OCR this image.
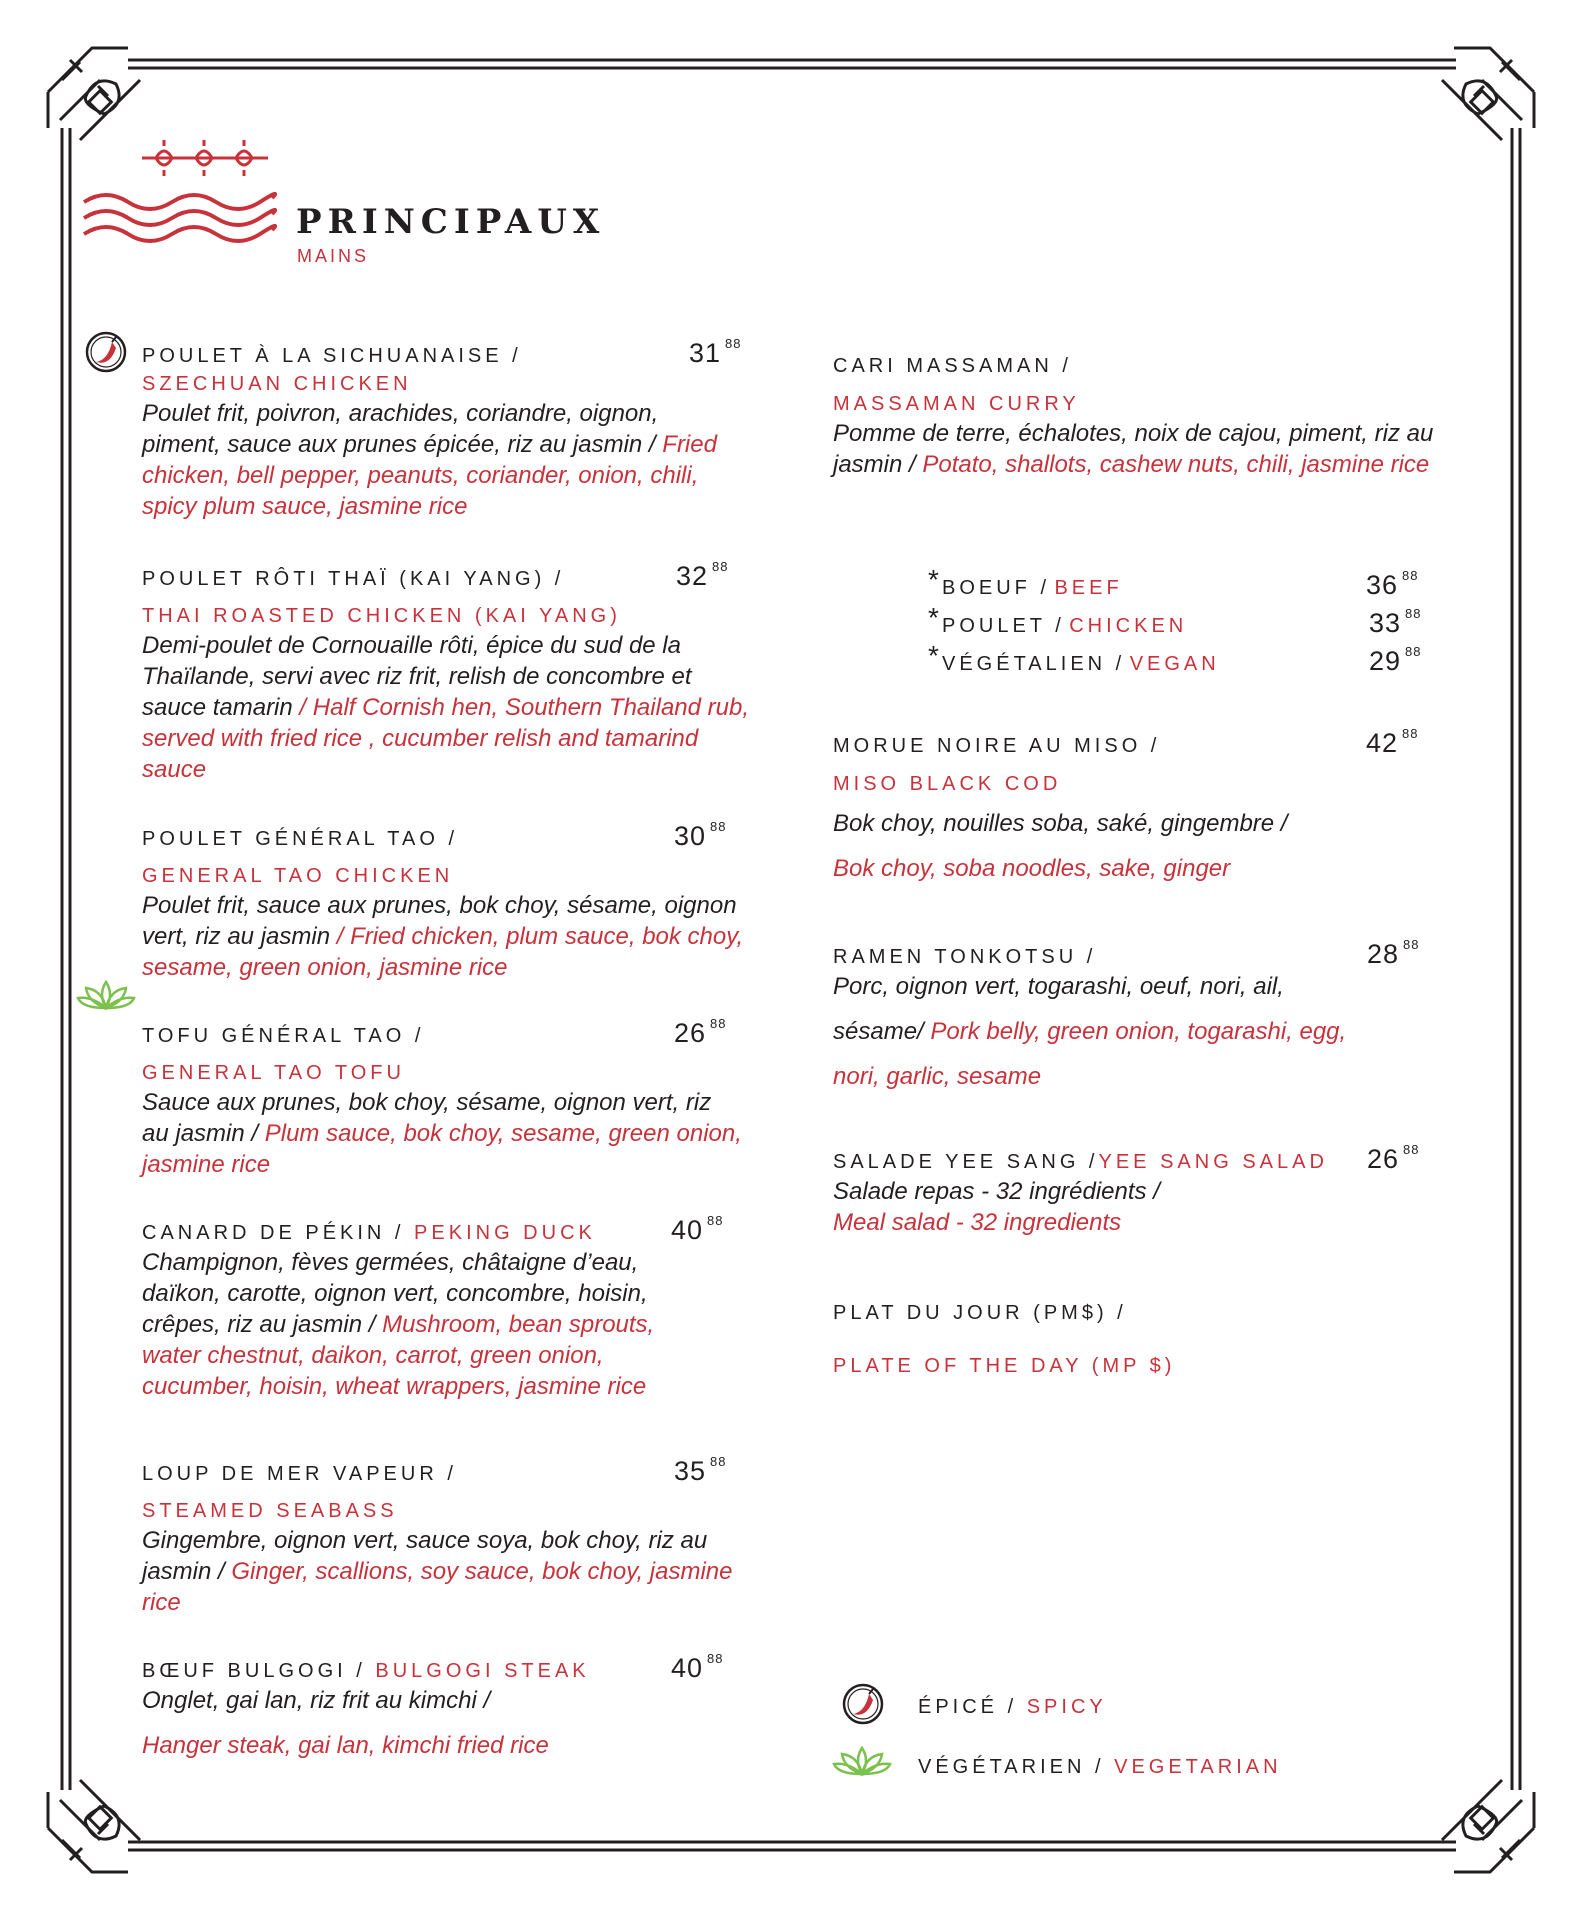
PRINCIPAUX
MAINS
POULET À LA SICHUANAISE /
SZECHUAN CHICKEN
Poulet frit, poivron, arachides, coriandre, oignon, piment, sauce aux prunes épicée, riz au jasmin / Fried chicken, bell pepper, peanuts, coriander, onion, chili, spicy plum sauce, jasmine rice
31 $^{88}$
POULET RÔTI THAÏ (KAI YANG) /
THAI ROASTED CHICKEN (KAI YANG)
Demi-poulet de Cornouaille rôti, épice du sud de la Thaïlande, servi avec riz frit, relish de concombre et sauce tamarin / Half Cornish hen, Southern Thailand rub, served with fried rice , cucumber relish and tamarind sauce
32 $^{88}$
POULET GÉNÉRAL TAO /
GENERAL TAO CHICKEN
Poulet frit, sauce aux prunes, bok choy, sésame, oignon vert, riz au jasmin / Fried chicken, plum sauce, bok choy, sesame, green onion, jasmine rice
30 $^{88}$
TOFU GÉNÉRAL TAO /
GENERAL TAO TOFU
Sauce aux prunes, bok choy, sésame, oignon vert, riz au jasmin / Plum sauce, bok choy, sesame, green onion, jasmine rice
26 $^{88}$
CANARD DE PÉKIN / PEKING DUCK
Champignon, fèves germées, châtaigne d’eau, daïkon, carotte, oignon vert, concombre, hoisin, crêpes, riz au jasmin / Mushroom, bean sprouts, water chestnut, daikon, carrot, green onion, cucumber, hoisin, wheat wrappers, jasmine rice
40 $^{88}$
LOUP DE MER VAPEUR /
STEAMED SEABASS
Gingembre, oignon vert, sauce soya, bok choy, riz au jasmin / Ginger, scallions, soy sauce, bok choy, jasmine rice
35 $^{88}$
BŒUF BULGOGI / BULGOGI STEAK
Onglet, gai lan, riz frit au kimchi /
Hanger steak, gai lan, kimchi fried rice
40 $^{88}$
CARI MASSAMAN /
MASSAMAN CURRY
Pomme de terre, échalotes, noix de cajou, piment, riz au jasmin / Potato, shallots, cashew nuts, chili, jasmine rice
* BOEUF / BEEF	36 $^{88}$
* POULET / CHICKEN	33 $^{88}$
* VÉGÉTALIEN / VEGAN	29 $^{88}$
MORUE NOIRE AU MISO /
MISO BLACK COD
Bok choy, nouilles soba, saké, gingembre /
Bok choy, soba noodles, sake, ginger
42 $^{88}$
RAMEN TONKOTSU /
Porc, oignon vert, togarashi, oeuf, nori, ail,
sésame/ Pork belly, green onion, togarashi, egg,
nori, garlic, sesame
28 $^{88}$
SALADE YEE SANG /YEE SANG SALAD
Salade repas - 32 ingrédients /
Meal salad - 32 ingredients
26 $^{88}$
PLAT DU JOUR (PM$) /
PLATE OF THE DAY (MP $)
ÉPICÉ / SPICY
VÉGÉTARIEN / VEGETARIAN
